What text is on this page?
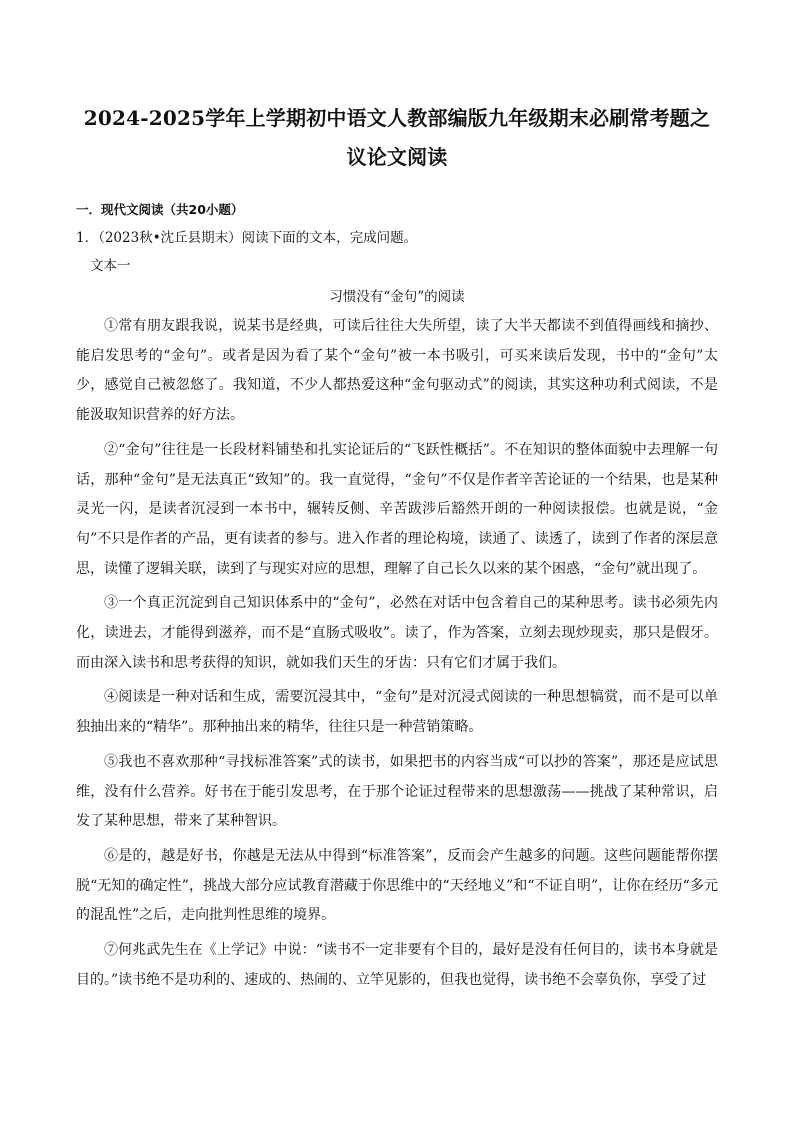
2024-2025学年上学期初中语文人教部编版九年级期末必刷常考题之议论文阅读
一．现代文阅读（共20小题）
1．（2023秋•沈丘县期末）阅读下面的文本，完成问题。
文本一
习惯没有“金句”的阅读

①常有朋友跟我说，说某书是经典，可读后往往大失所望，读了大半天都读不到值得画线和摘抄、能启发思考的“金句”。或者是因为看了某个“金句”被一本书吸引，可买来读后发现，书中的“金句”太少，感觉自己被忽悠了。我知道，不少人都热爱这种“金句驱动式”的阅读，其实这种功利式阅读，不是能汲取知识营养的好方法。

②“金句”往往是一长段材料铺垫和扎实论证后的“飞跃性概括”。不在知识的整体面貌中去理解一句话，那种“金句”是无法真正“致知”的。我一直觉得，“金句”不仅是作者辛苦论证的一个结果，也是某种灵光一闪，是读者沉浸到一本书中，辗转反侧、辛苦跋涉后豁然开朗的一种阅读报偿。也就是说，“金句”不只是作者的产品，更有读者的参与。进入作者的理论构境，读通了、读透了，读到了作者的深层意思，读懂了逻辑关联，读到了与现实对应的思想，理解了自己长久以来的某个困惑，“金句”就出现了。

③一个真正沉淀到自己知识体系中的“金句”，必然在对话中包含着自己的某种思考。读书必须先内化，读进去，才能得到滋养，而不是“直肠式吸收”。读了，作为答案，立刻去现炒现卖，那只是假牙。而由深入读书和思考获得的知识，就如我们天生的牙齿：只有它们才属于我们。

④阅读是一种对话和生成，需要沉浸其中，“金句”是对沉浸式阅读的一种思想犒赏，而不是可以单独抽出来的“精华”。那种抽出来的精华，往往只是一种营销策略。

⑤我也不喜欢那种“寻找标准答案”式的读书，如果把书的内容当成“可以抄的答案”，那还是应试思维，没有什么营养。好书在于能引发思考，在于那个论证过程带来的思想激荡——挑战了某种常识，启发了某种思想，带来了某种智识。

⑥是的，越是好书，你越是无法从中得到“标准答案”，反而会产生越多的问题。这些问题能帮你摆脱“无知的确定性”，挑战大部分应试教育潜藏于你思维中的“天经地义”和“不证自明”，让你在经历“多元的混乱性”之后，走向批判性思维的境界。

⑦何兆武先生在《上学记》中说：“读书不一定非要有个目的，最好是没有任何目的，读书本身就是目的。”读书绝不是功利的、速成的、热闹的、立竿见影的，但我也觉得，读书绝不会辜负你，享受了过
